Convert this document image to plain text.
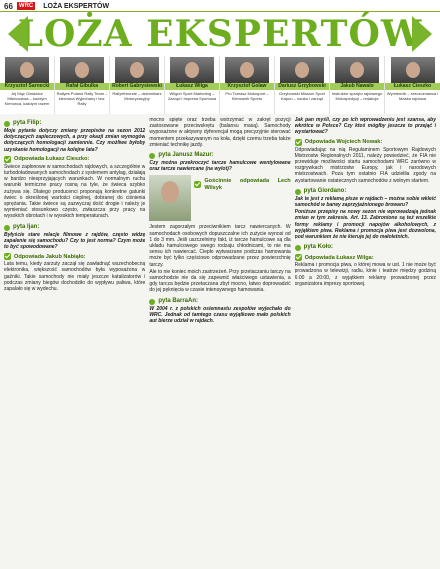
66	WRC LOŻA EKSPERTÓW
LOŻA EKSPERTÓW
Krzysztof Sarnecki
Jej Mąż Gwiazdor Mistrzostwa – każdym Kierowca, każdym razem
Rafał Gibulka
Rallyes Poland Rally Team – kierowca Wyjechany i tzw. Rally
Robert Gabrysiewski
Rallyefreunde – dziennikarz Motoryzacyjny
Łukasz Wilga
Wilgoń Sport Marketing – Zarząd i Impresa Sportowa
Krzysztof Golaw
Pro Tomasz Motosport – Kierownik Sportu
Dariusz Grzybowski
Grzybowski Mission Sport Kapun – nauka i zarząd
Jakub Nawalo
Instruktor sprzętu rajdowego Motospedycji – redakcja
Łukasz Cieszko
Wymiennik – rzeczoznawca i Maska rajdowa
pyta Filip:
Moje pytanie dotyczy zmiany przepisów na sezon 2012 dotyczących zapleczowych, a przy okazji zmian wymogów dotyczących homologacji zamiennie. Czy możliwe byłoby uzyskanie homologacji na kolejne lata?
Odpowiada Łukasz Cieszko:
Świece zapłonowe w samochodach rajdowych, a szczególnie w turbodoładowanych samochodach z systemem antylag, działają w bardzo niesprzyjających warunkach. W normalnym ruchu warunki termiczne pracy rosną na tyle, że świeca szybko zużywa się. Dlatego producenci proponują konkretne gatunki świec o określonej wartości cieplnej, dobranej do ciśnienia sprężania. Takie świece są zazwyczaj dość drogie i należy je wymieniać stosunkowo często, zwłaszcza przy pracy na wysokich obrotach i w wysokich temperaturach.
pyta Ijan:
Byłyście stare relacje filmowe z rajdów, często widzę zapalenie się samochodu? Czy to jest norma? Czym może to być spowodowane?
Odpowiada Jakub Nabiąło:
Lata temu, kiedy zarzuty zaczął się zawładnąć wszechobecną elektronika, większość samochodów była wyposażona w gaźniki. Takie samochody nie miały jeszcze katalizatorów i podczas zmiany biegów dochodziło do wypływu paliwa, które zapalało się w wydechu.
mocno spięte oraz trzeba wstrzymać w zakręt pozycji zastosowane przeciwskrętu (balansu masą). Samochody wyposażone w aktywny dyferencjał mogą precyzyjnie sterować momentem przekazywanym na koła, dzięki czemu trzeba także zmieniać technikę jazdy.
pyta Janusz Mazur:
Czy można przekroczyć tarcze hamulcowe wentylowane oraz tarcze nawiercane (na wylot)?
Gościnnie odpowiada Lech Wilsyk
Jestem zagorzałym przeciwnikiem tarcz nawiercanych. W samochodach osobowych dopuszczalne ich zużycie wynosi od 1 do 3 mm. Jeśli uszczelnimy fakt, iż tarcze hamulcowe są dla układu hamulcowego swego rodzaju chłodnicami, to nie ma sensu ich nawiercać. Ciepło wytwarzane podczas hamowania może być tylko częściowo odprowadzane przez powierzchnię tarczy.
Ale to nie koniec moich zastrzeżeń. Przy przetaczaniu tarczy na samochodzie nie da się zapewnić właściwego ustawienia, a gdy tarcza będzie przetaczana zbyt mocno, łatwo doprowadzić do jej pęknięcia w czasie intensywnego hamowania.
pyta BarraAn:
W 2004 r. z polskich osiemnastu zespołów wyjechało do WRC. Jednak od tamtego czasu wyjątkowo mało polskich aut bierze udział w rajdach.
Jak pan myśli, czy po ich wprowadzeniu jest szansa, aby wkrótce w Polsce? Czy ktoś mógłby jeszcze to przejąć i wystartować?
Odpowiada Wojciech Nowak:
Odpowiadając na nią Regulaminem Sportowym Rajdowych Mistrzostw Regionalnych 2011, należy powiedzieć, że FIA nie przewiduje możliwości startu samochodami WRC zarówno w rozgrywkach mistrzostw Europy, jak i narodowych mistrzostwach. Poza tym ostatnio FIA udzieliła zgody na wystartowanie ostatecznych samochodów z wolnym startem.
pyta Giordano:
Jak te jest z reklamą pisze w rajdach – można sobie wkleić samochód w barwy zaprzyjaźnionego browaru?
Poniższe przepisy na nowy sezon nie wprowadzają jednak zmian w tym zakresie. Art. 13. Zabronione są też wszelkie formy reklamy i promocji napojów alkoholowych, z wyjątkiem piwa. Reklama i promocja piwa jest dozwolona, pod warunkiem że nie kieruje jej do małoletnich.
pyta Koło:
Odpowiada Łukasz Wilga:
Reklama i promocja piwa, o której mowa w ust. 1 nie może być prowadzona w telewizji, radiu, kinie i teatrze między godziną 6:00 a 20:00, z wyjątkiem reklamy prowadzonej przez organizatora imprezy sportowej.
